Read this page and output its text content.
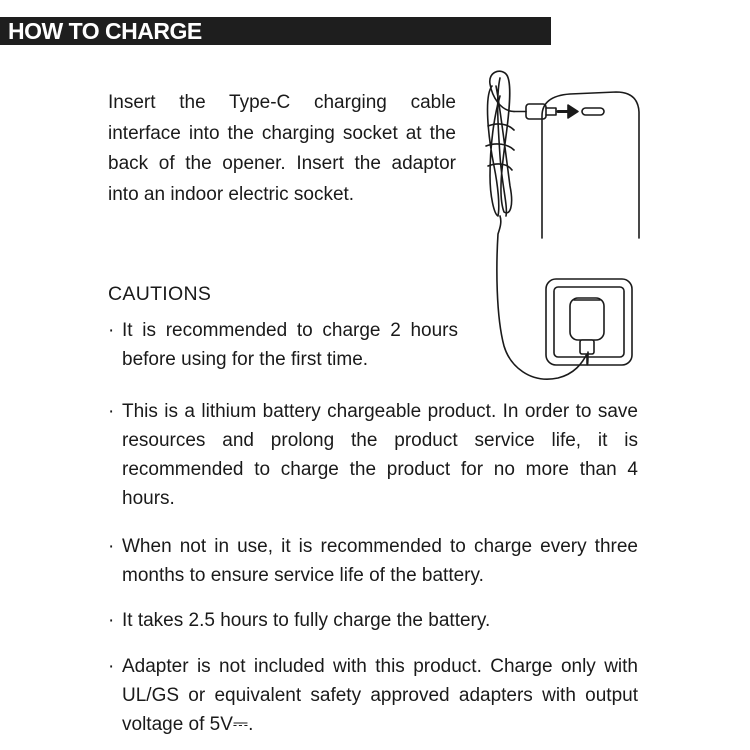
HOW TO CHARGE
Insert the Type-C charging cable interface into the charging socket at the back of the opener. Insert the adaptor into an indoor electric socket.
CAUTIONS
· It is recommended to charge 2 hours before using for the first time.
· This is a lithium battery chargeable product. In order to save resources and prolong the product service life, it is recommended to charge the product for no more than 4 hours.
· When not in use, it is recommended to charge every three months to ensure service life of the battery.
· It takes 2.5 hours to fully charge the battery.
· Adapter is not included with this product. Charge only with UL/GS or equivalent safety approved adapters with output voltage of 5V⎓.
